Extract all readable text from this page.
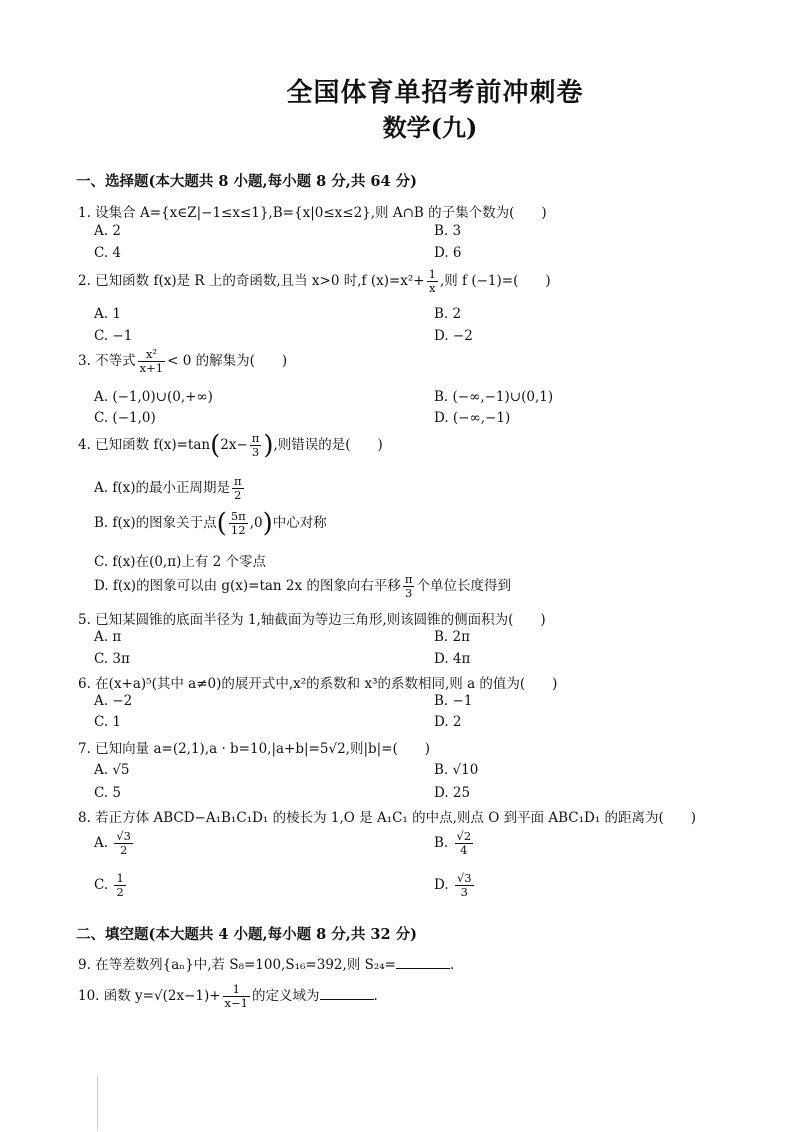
全国体育单招考前冲刺卷
数学(九)
一、选择题(本大题共 8 小题,每小题 8 分,共 64 分)
1. 设集合 A={x∈Z|−1≤x≤1},B={x|0≤x≤2},则 A∩B 的子集个数为(　　)
A. 2	B. 3
C. 4	D. 6
2. 已知函数 f(x)是 R 上的奇函数,且当 x>0 时,f $(x)=x^2+ \frac{1}{x}$ ,则 f (−1)=(　　)
A. 1	B. 2
C. −1	D. −2
3. 不等式 $\frac{\text{x²}}{x+1} < 0$ 的解集为(　　)
A. (−1,0)∪(0,+∞)	B. (−∞,−1)∪(0,1)
C. (−1,0)	D. (−∞,−1)
4. 已知函数 $f(x)=\tan(2x- \frac{\pi}{3}$ ),则错误的是(　　)
A. f(x)的最小正周期是 $\frac{\pi}{2}$
B. f(x)的图象关于点( $\frac{5\pi}{12} ,0$)中心对称
C. f(x)在(0,π)上有 2 个零点
D. f(x)的图象可以由 g(x)=tan 2x 的图象向右平移 $\frac{\pi}{3}$ 个单位长度得到
5. 已知某圆锥的底面半径为 1,轴截面为等边三角形,则该圆锥的侧面积为(　　)
A. π	B. 2π
C. 3π	D. 4π
6. 在(x+a)⁵(其中 a≠0)的展开式中,x²的系数和 x³的系数相同,则 a 的值为(　　)
A. −2	B. −1
C. 1	D. 2
7. 已知向量 a=(2,1),a · b=10,|a+b|=5√2,则|b|=(　　)
A. √5	B. √10
C. 5	D. 25
8. 若正方体 ABCD−A₁B₁C₁D₁ 的棱长为 1,O 是 A₁C₁ 的中点,则点 O 到平面 ABC₁D₁ 的距离为(　　)
A. $\frac{√3}{2}$	B. $\frac{√2}{4}$
C. $\frac{1}{2}$	D. $\frac{√3}{3}$
二、填空题(本大题共 4 小题,每小题 8 分,共 32 分)
9. 在等差数列{aₙ}中,若 S₈=100,S₁₆=392,则 S₂₄=	.
10. 函数 $y=√(2x-1)+ \frac{1}{x-1}$ 的定义域为	.
